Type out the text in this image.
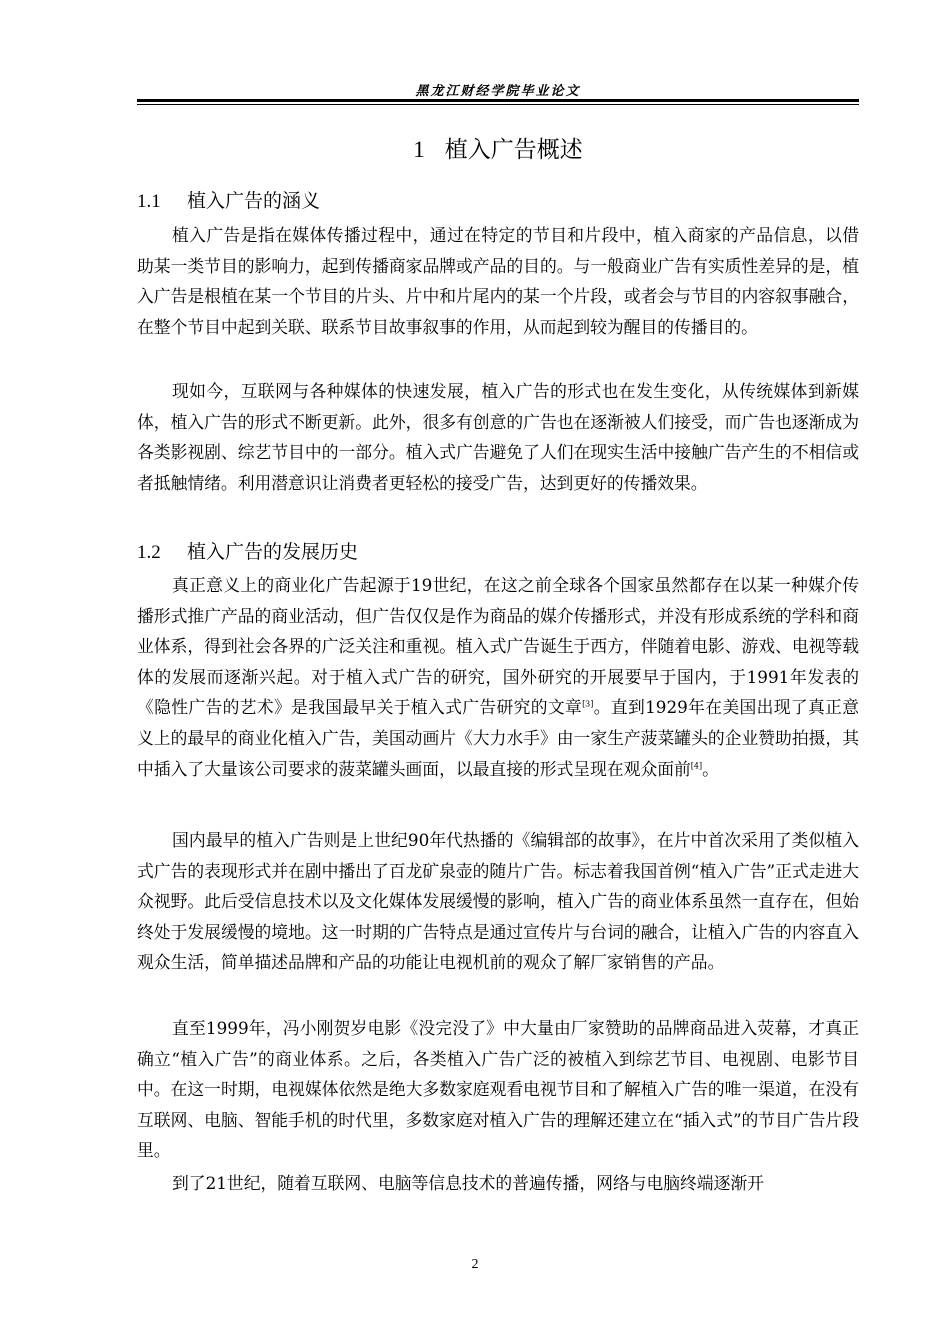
黑龙江财经学院毕业论文
1 植入广告概述
1.1 植入广告的涵义

植入广告是指在媒体传播过程中，通过在特定的节目和片段中，植入商家的产品信息，以借助某一类节目的影响力，起到传播商家品牌或产品的目的。与一般商业广告有实质性差异的是，植入广告是根植在某一个节目的片头、片中和片尾内的某一个片段，或者会与节目的内容叙事融合，在整个节目中起到关联、联系节目故事叙事的作用，从而起到较为醒目的传播目的。

现如今，互联网与各种媒体的快速发展，植入广告的形式也在发生变化，从传统媒体到新媒体，植入广告的形式不断更新。此外，很多有创意的广告也在逐渐被人们接受，而广告也逐渐成为各类影视剧、综艺节目中的一部分。植入式广告避免了人们在现实生活中接触广告产生的不相信或者抵触情绪。利用潜意识让消费者更轻松的接受广告，达到更好的传播效果。

1.2 植入广告的发展历史

真正意义上的商业化广告起源于19世纪，在这之前全球各个国家虽然都存在以某一种媒介传播形式推广产品的商业活动，但广告仅仅是作为商品的媒介传播形式，并没有形成系统的学科和商业体系，得到社会各界的广泛关注和重视。植入式广告诞生于西方，伴随着电影、游戏、电视等载体的发展而逐渐兴起。对于植入式广告的研究，国外研究的开展要早于国内，于1991年发表的《隐性广告的艺术》是我国最早关于植入式广告研究的文章[3]。直到1929年在美国出现了真正意义上的最早的商业化植入广告，美国动画片《大力水手》由一家生产菠菜罐头的企业赞助拍摄，其中插入了大量该公司要求的菠菜罐头画面，以最直接的形式呈现在观众面前[4]。

国内最早的植入广告则是上世纪90年代热播的《编辑部的故事》，在片中首次采用了类似植入式广告的表现形式并在剧中播出了百龙矿泉壶的随片广告。标志着我国首例“植入广告”正式走进大众视野。此后受信息技术以及文化媒体发展缓慢的影响，植入广告的商业体系虽然一直存在，但始终处于发展缓慢的境地。这一时期的广告特点是通过宣传片与台词的融合，让植入广告的内容直入观众生活，简单描述品牌和产品的功能让电视机前的观众了解厂家销售的产品。

直至1999年，冯小刚贺岁电影《没完没了》中大量由厂家赞助的品牌商品进入荧幕，才真正确立“植入广告”的商业体系。之后，各类植入广告广泛的被植入到综艺节目、电视剧、电影节目中。在这一时期，电视媒体依然是绝大多数家庭观看电视节目和了解植入广告的唯一渠道，在没有互联网、电脑、智能手机的时代里，多数家庭对植入广告的理解还建立在“插入式”的节目广告片段里。

到了21世纪，随着互联网、电脑等信息技术的普遍传播，网络与电脑终端逐渐开

2
